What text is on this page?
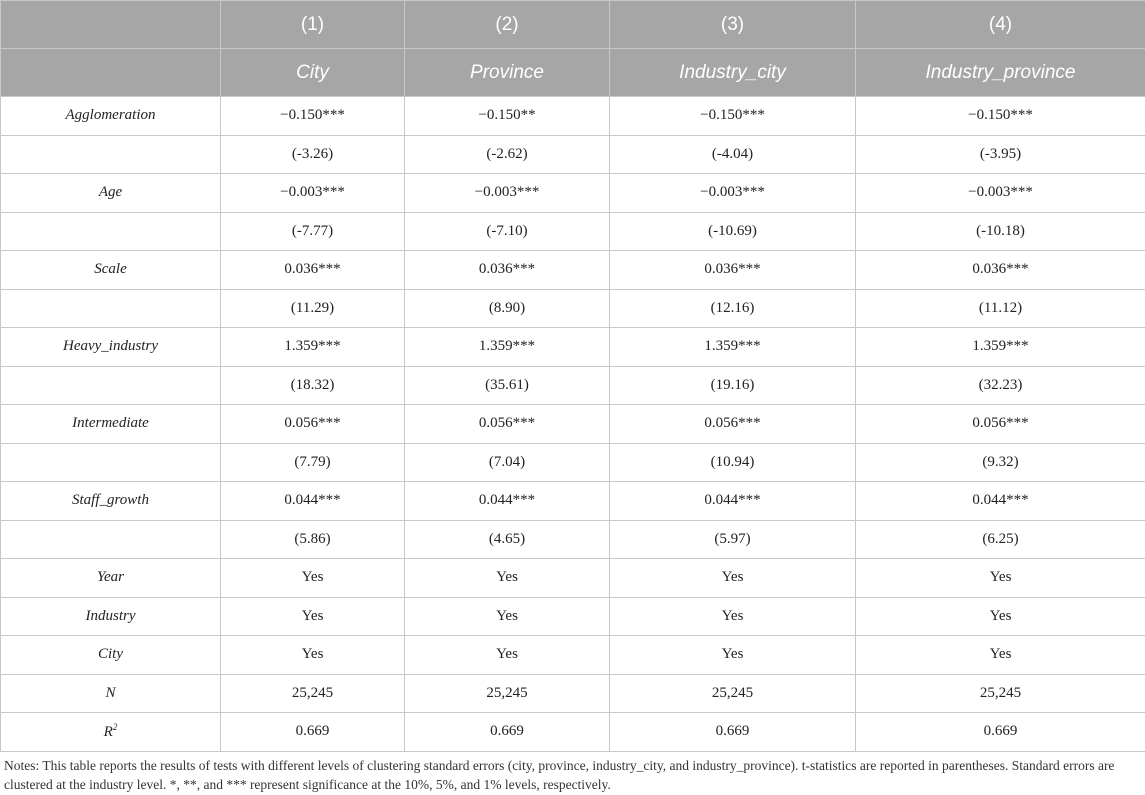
	(1)	(2)	(3)	(4)
	City	Province	Industry_city	Industry_province
Agglomeration	−0.150***	−0.150**	−0.150***	−0.150***
	(-3.26)	(-2.62)	(-4.04)	(-3.95)
Age	−0.003***	−0.003***	−0.003***	−0.003***
	(-7.77)	(-7.10)	(-10.69)	(-10.18)
Scale	0.036***	0.036***	0.036***	0.036***
	(11.29)	(8.90)	(12.16)	(11.12)
Heavy_industry	1.359***	1.359***	1.359***	1.359***
	(18.32)	(35.61)	(19.16)	(32.23)
Intermediate	0.056***	0.056***	0.056***	0.056***
	(7.79)	(7.04)	(10.94)	(9.32)
Staff_growth	0.044***	0.044***	0.044***	0.044***
	(5.86)	(4.65)	(5.97)	(6.25)
Year	Yes	Yes	Yes	Yes
Industry	Yes	Yes	Yes	Yes
City	Yes	Yes	Yes	Yes
N	25,245	25,245	25,245	25,245
$R^2$	0.669	0.669	0.669	0.669
Notes: This table reports the results of tests with different levels of clustering standard errors (city, province, industry_city, and industry_province). t-statistics are reported in parentheses. Standard errors are clustered at the industry level. *, **, and *** represent significance at the 10%, 5%, and 1% levels, respectively.
